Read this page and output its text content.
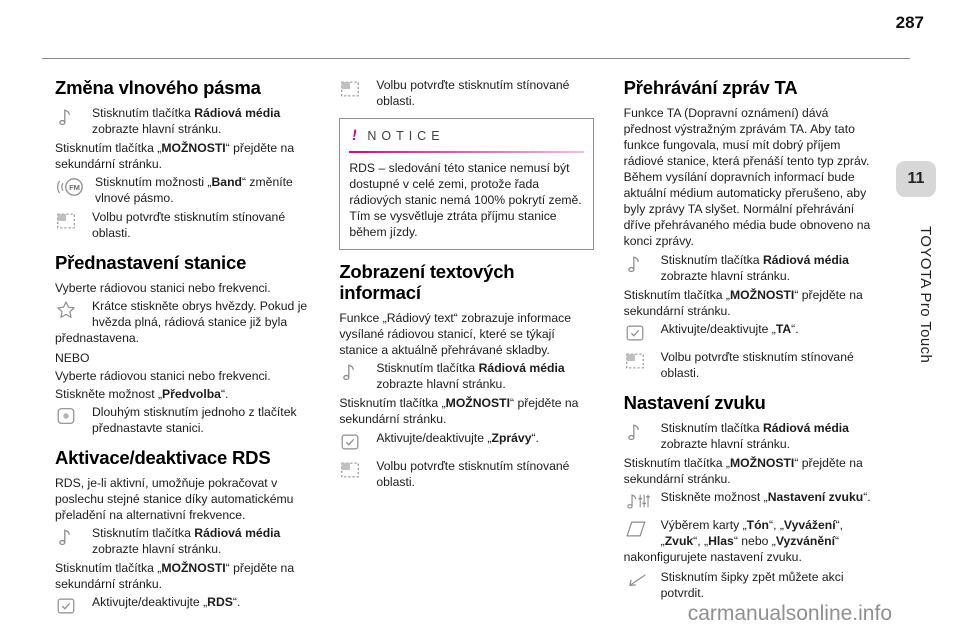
287
11
TOYOTA Pro Touch
Změna vlnového pásma
Stisknutím tlačítka Rádiová média zobrazte hlavní stránku.

Stisknutím tlačítka „MOŽNOSTI“ přejděte na sekundární stránku.

FM Stisknutím možnosti „Band“ změníte vlnové pásmo.
Volbu potvrďte stisknutím stínované oblasti.
Přednastavení stanice

Vyberte rádiovou stanici nebo frekvenci.

Krátce stiskněte obrys hvězdy. Pokud je hvězda plná, rádiová stanice již byla přednastavena.

NEBO

Vyberte rádiovou stanici nebo frekvenci.

Stiskněte možnost „Předvolba“.

Dlouhým stisknutím jednoho z tlačítek přednastavte stanici.
Aktivace/deaktivace RDS

RDS, je-li aktivní, umožňuje pokračovat v poslechu stejné stanice díky automatickému přeladění na alternativní frekvence.

Stisknutím tlačítka Rádiová média zobrazte hlavní stránku.

Stisknutím tlačítka „MOŽNOSTI“ přejděte na sekundární stránku.

Aktivujte/deaktivujte „RDS“.
Volbu potvrďte stisknutím stínované oblasti.
! NOTICE

RDS – sledování této stanice nemusí být dostupné v celé zemi, protože řada rádiových stanic nemá 100% pokrytí země. Tím se vysvětluje ztráta příjmu stanice během jízdy.

Zobrazení textových informací

Funkce „Rádiový text“ zobrazuje informace vysílané rádiovou stanicí, které se týkají stanice a aktuálně přehrávané skladby.

Stisknutím tlačítka Rádiová média zobrazte hlavní stránku.

Stisknutím tlačítka „MOŽNOSTI“ přejděte na sekundární stránku.

Aktivujte/deaktivujte „Zprávy“.
Volbu potvrďte stisknutím stínované oblasti.
Přehrávání zpráv TA

Funkce TA (Dopravní oznámení) dává přednost výstražným zprávám TA. Aby tato funkce fungovala, musí mít dobrý příjem rádiové stanice, která přenáší tento typ zpráv. Během vysílání dopravních informací bude aktuální médium automaticky přerušeno, aby byly zprávy TA slyšet. Normální přehrávání dříve přehrávaného média bude obnoveno na konci zprávy.

Stisknutím tlačítka Rádiová média zobrazte hlavní stránku.

Stisknutím tlačítka „MOŽNOSTI“ přejděte na sekundární stránku.

Aktivujte/deaktivujte „TA“.
Volbu potvrďte stisknutím stínované oblasti.
Nastavení zvuku
Stisknutím tlačítka Rádiová média zobrazte hlavní stránku.

Stisknutím tlačítka „MOŽNOSTI“ přejděte na sekundární stránku.

Stiskněte možnost „Nastavení zvuku“.
Výběrem karty „Tón“, „Vyvážení“, „Zvuk“, „Hlas“ nebo „Vyzvánění“ nakonfigurujete nastavení zvuku.
Stisknutím šipky zpět můžete akci potvrdit.
carmanualsonline.info
